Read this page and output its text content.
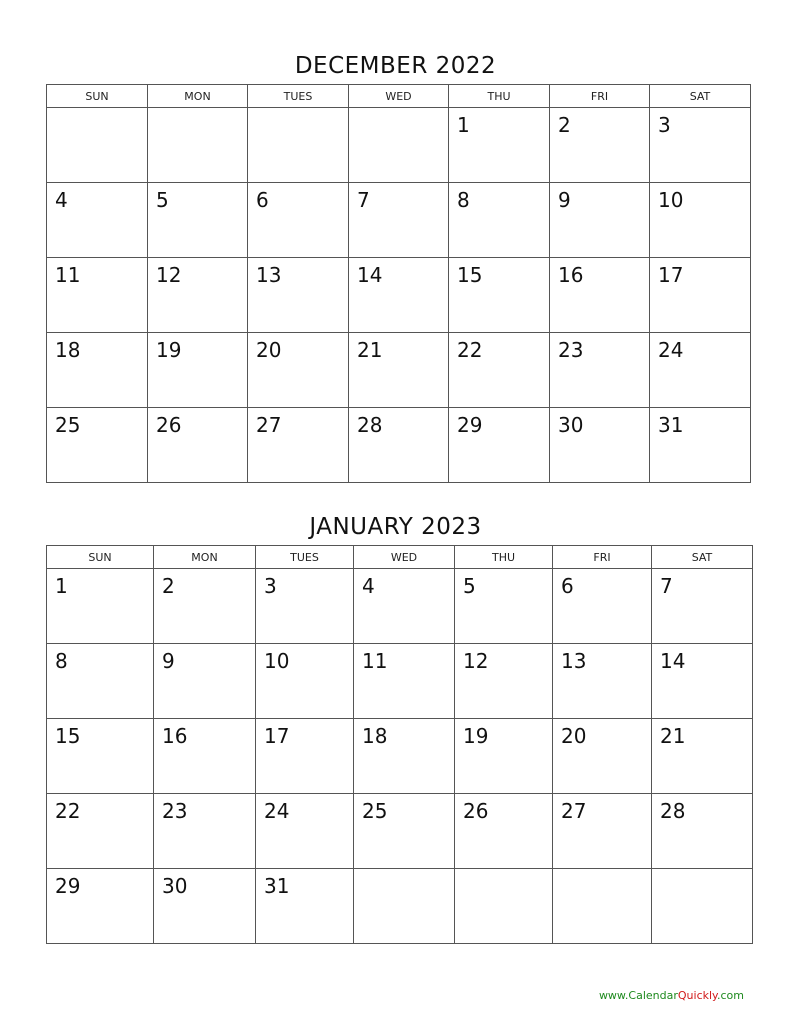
DECEMBER 2022
SUN	MON	TUES	WED	THU	FRI	SAT

				1	2	3

4	5	6	7	8	9	10

11	12	13	14	15	16	17

18	19	20	21	22	23	24

25	26	27	28	29	30	31
JANUARY 2023
SUN	MON	TUES	WED	THU	FRI	SAT

1	2	3	4	5	6	7

8	9	10	11	12	13	14

15	16	17	18	19	20	21

22	23	24	25	26	27	28

29	30	31				

www.CalendarQuickly.com
